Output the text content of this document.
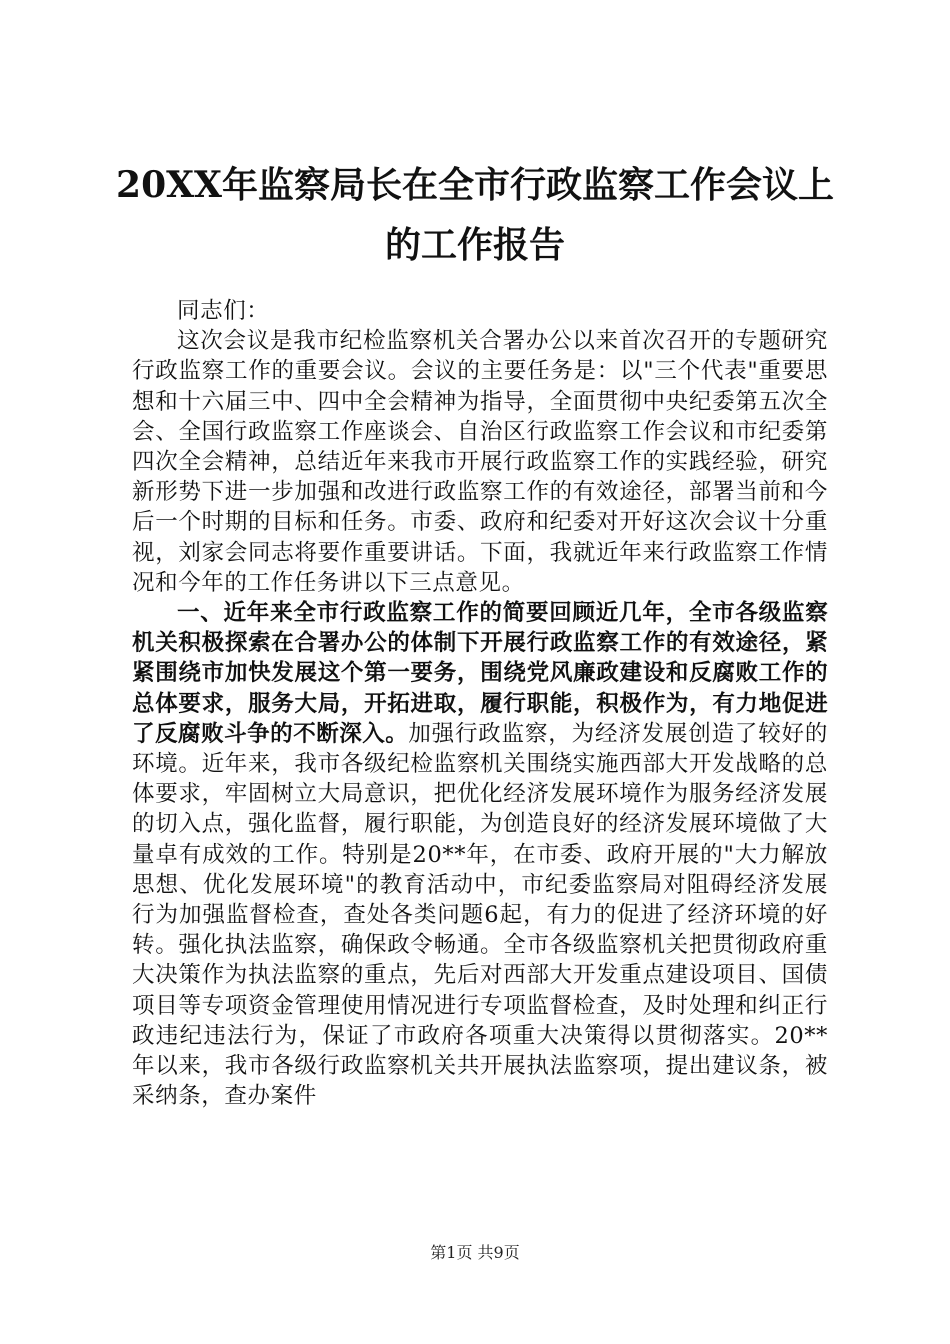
20XX年监察局长在全市行政监察工作会议上
的工作报告

同志们：

这次会议是我市纪检监察机关合署办公以来首次召开的专题研究行政监察工作的重要会议。会议的主要任务是：以"三个代表"重要思想和十六届三中、四中全会精神为指导，全面贯彻中央纪委第五次全会、全国行政监察工作座谈会、自治区行政监察工作会议和市纪委第四次全会精神，总结近年来我市开展行政监察工作的实践经验，研究新形势下进一步加强和改进行政监察工作的有效途径，部署当前和今后一个时期的目标和任务。市委、政府和纪委对开好这次会议十分重视，刘家会同志将要作重要讲话。下面，我就近年来行政监察工作情况和今年的工作任务讲以下三点意见。

一、近年来全市行政监察工作的简要回顾近几年，全市各级监察机关积极探索在合署办公的体制下开展行政监察工作的有效途径，紧紧围绕市加快发展这个第一要务，围绕党风廉政建设和反腐败工作的总体要求，服务大局，开拓进取，履行职能，积极作为，有力地促进了反腐败斗争的不断深入。加强行政监察，为经济发展创造了较好的环境。近年来，我市各级纪检监察机关围绕实施西部大开发战略的总体要求，牢固树立大局意识，把优化经济发展环境作为服务经济发展的切入点，强化监督，履行职能，为创造良好的经济发展环境做了大量卓有成效的工作。特别是20**年，在市委、政府开展的"大力解放思想、优化发展环境"的教育活动中，市纪委监察局对阻碍经济发展行为加强监督检查，查处各类问题6起，有力的促进了经济环境的好转。强化执法监察，确保政令畅通。全市各级监察机关把贯彻政府重大决策作为执法监察的重点，先后对西部大开发重点建设项目、国债项目等专项资金管理使用情况进行专项监督检查，及时处理和纠正行政违纪违法行为，保证了市政府各项重大决策得以贯彻落实。20**年以来，我市各级行政监察机关共开展执法监察项，提出建议条，被采纳条，查办案件

第1页 共9页
